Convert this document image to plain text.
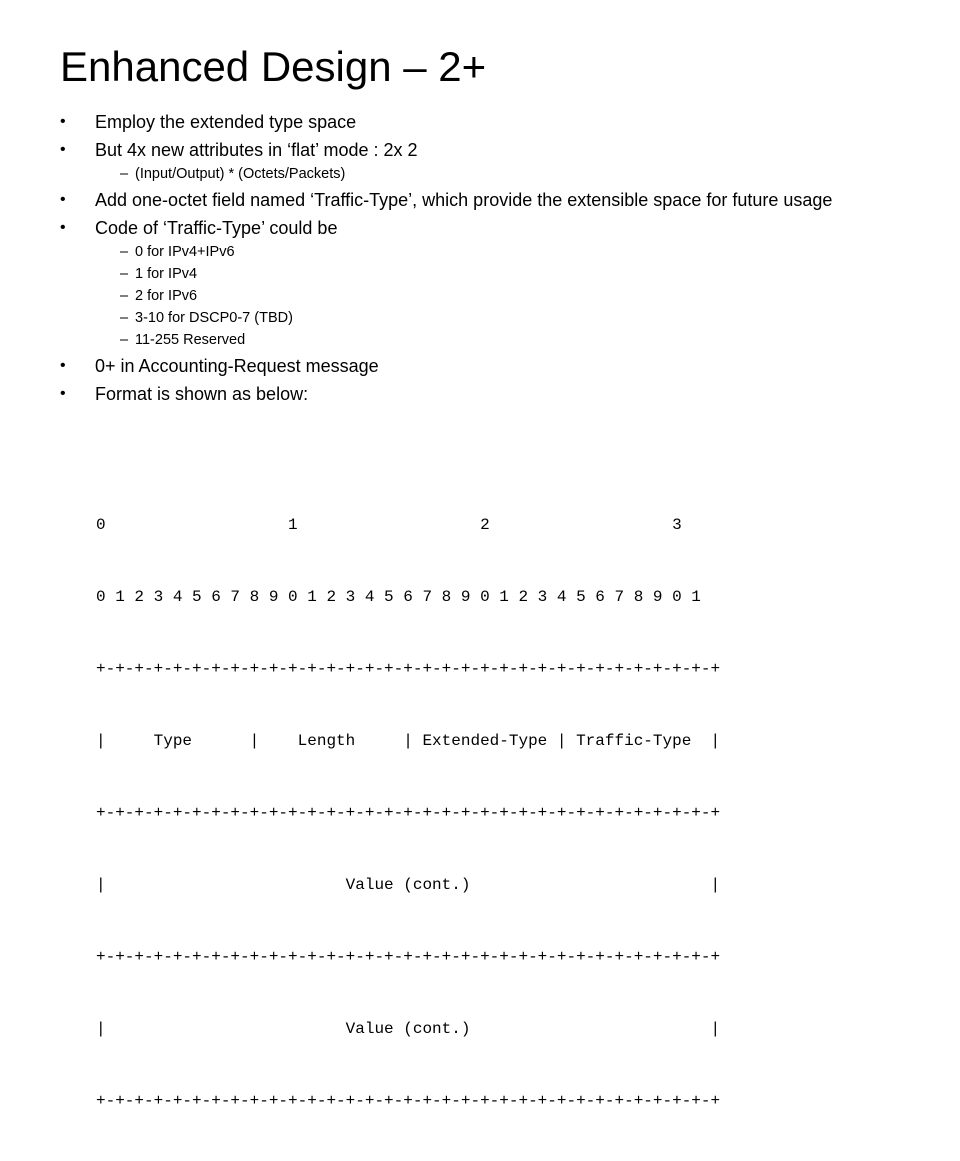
Enhanced Design – 2+
• Employ the extended type space
• But 4x new attributes in ‘flat’ mode : 2x 2
– (Input/Output) * (Octets/Packets)
• Add one-octet field named ‘Traffic-Type’, which provide the extensible space for future usage
• Code of ‘Traffic-Type’ could be
– 0 for IPv4+IPv6
– 1 for IPv4
– 2 for IPv6
– 3-10 for DSCP0-7 (TBD)
– 11-255 Reserved
• 0+ in Accounting-Request message
• Format is shown as below:

0                   1                   2                   3

0 1 2 3 4 5 6 7 8 9 0 1 2 3 4 5 6 7 8 9 0 1 2 3 4 5 6 7 8 9 0 1

+-+-+-+-+-+-+-+-+-+-+-+-+-+-+-+-+-+-+-+-+-+-+-+-+-+-+-+-+-+-+-+-+

|     Type      |    Length     | Extended-Type | Traffic-Type  |

+-+-+-+-+-+-+-+-+-+-+-+-+-+-+-+-+-+-+-+-+-+-+-+-+-+-+-+-+-+-+-+-+

|                         Value (cont.)                         |

+-+-+-+-+-+-+-+-+-+-+-+-+-+-+-+-+-+-+-+-+-+-+-+-+-+-+-+-+-+-+-+-+

|                         Value (cont.)                         |

+-+-+-+-+-+-+-+-+-+-+-+-+-+-+-+-+-+-+-+-+-+-+-+-+-+-+-+-+-+-+-+-+
